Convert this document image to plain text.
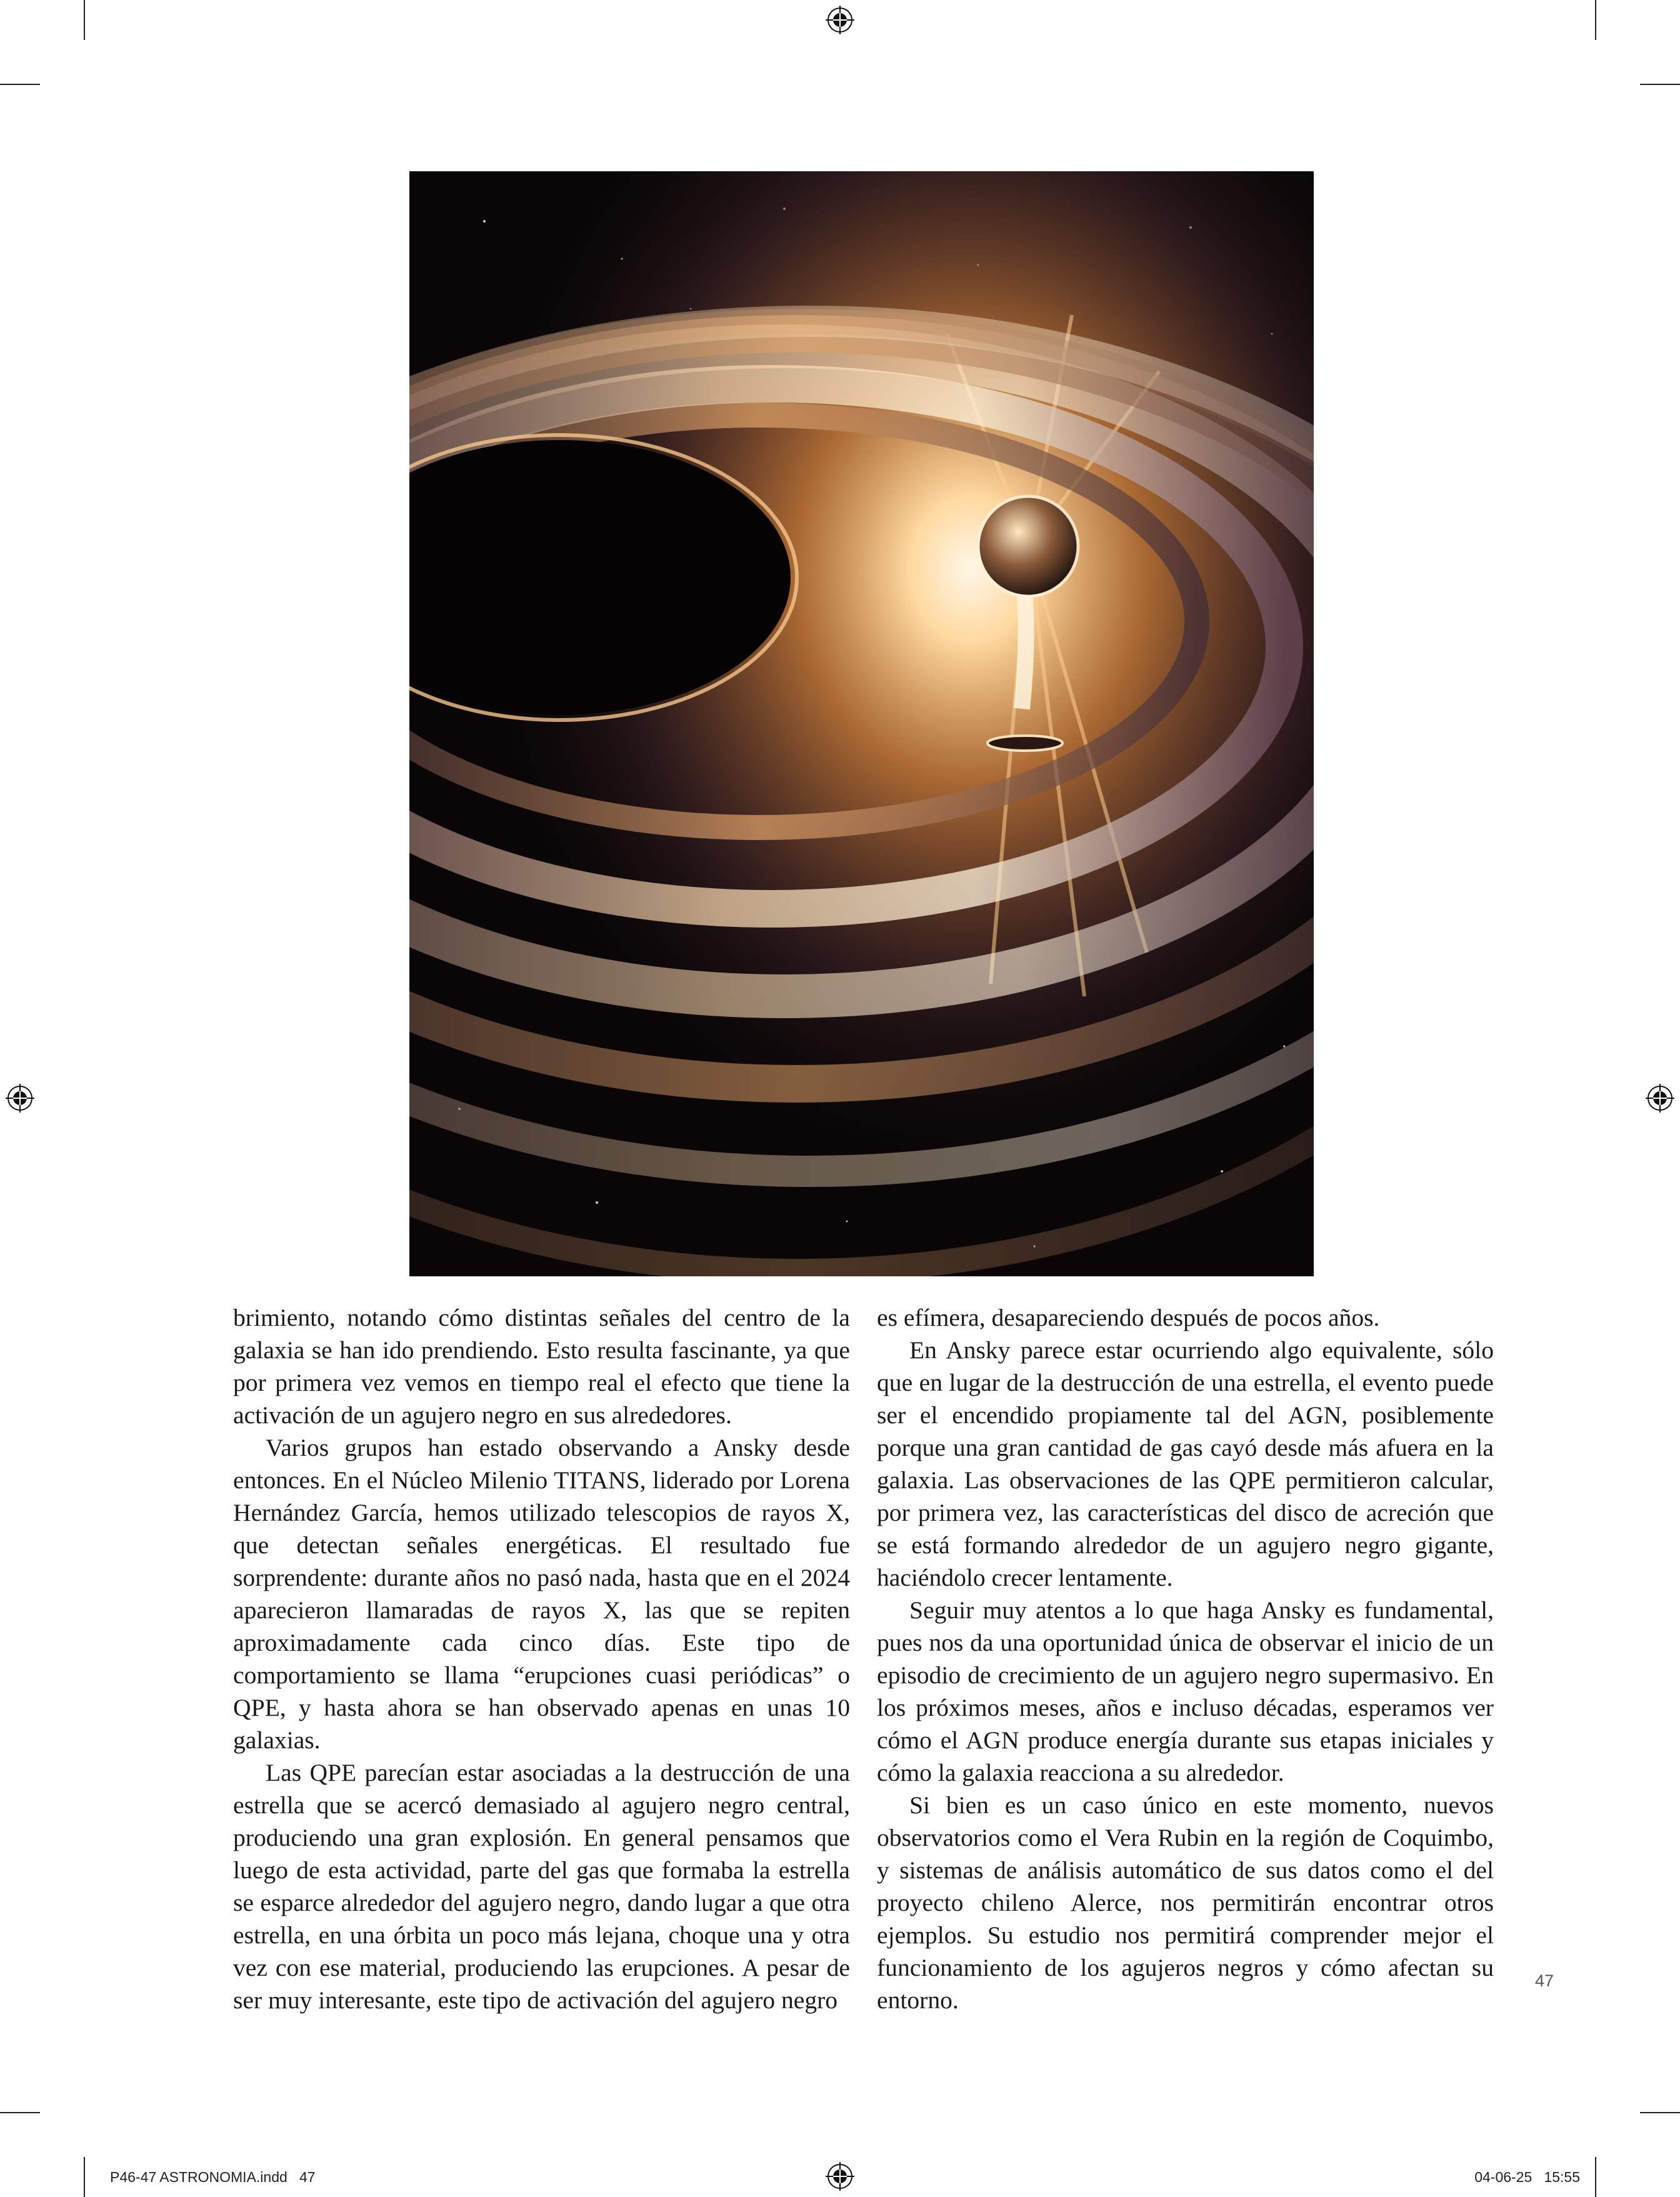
brimiento, notando cómo distintas señales del centro de la galaxia se han ido prendiendo. Esto resulta fascinante, ya que por primera vez vemos en tiempo real el efecto que tiene la activación de un agujero negro en sus alrededores.

Varios grupos han estado observando a Ansky desde entonces. En el Núcleo Milenio TITANS, liderado por Lorena Hernández García, hemos utilizado telescopios de rayos X, que detectan señales energéticas. El resultado fue sorprendente: durante años no pasó nada, hasta que en el 2024 aparecieron llamaradas de rayos X, las que se repiten aproximadamente cada cinco días. Este tipo de comportamiento se llama “erupciones cuasi periódicas” o QPE, y hasta ahora se han observado apenas en unas 10 galaxias.

Las QPE parecían estar asociadas a la destrucción de una estrella que se acercó demasiado al agujero negro central, produciendo una gran explosión. En general pensamos que luego de esta actividad, parte del gas que formaba la estrella se esparce alrededor del agujero negro, dando lugar a que otra estrella, en una órbita un poco más lejana, choque una y otra vez con ese material, produciendo las erupciones. A pesar de ser muy interesante, este tipo de activación del agujero negro

es efímera, desapareciendo después de pocos años.

En Ansky parece estar ocurriendo algo equivalente, sólo que en lugar de la destrucción de una estrella, el evento puede ser el encendido propiamente tal del AGN, posiblemente porque una gran cantidad de gas cayó desde más afuera en la galaxia. Las observaciones de las QPE permitieron calcular, por primera vez, las características del disco de acreción que se está formando alrededor de un agujero negro gigante, haciéndolo crecer lentamente.

Seguir muy atentos a lo que haga Ansky es fundamental, pues nos da una oportunidad única de observar el inicio de un episodio de crecimiento de un agujero negro supermasivo. En los próximos meses, años e incluso décadas, esperamos ver cómo el AGN produce energía durante sus etapas iniciales y cómo la galaxia reacciona a su alrededor.

Si bien es un caso único en este momento, nuevos observatorios como el Vera Rubin en la región de Coquimbo, y sistemas de análisis automático de sus datos como el del proyecto chileno Alerce, nos permitirán encontrar otros ejemplos. Su estudio nos permitirá comprender mejor el funcionamiento de los agujeros negros y cómo afectan su entorno.

47
P46-47 ASTRONOMIA.indd   47	04-06-25   15:55
